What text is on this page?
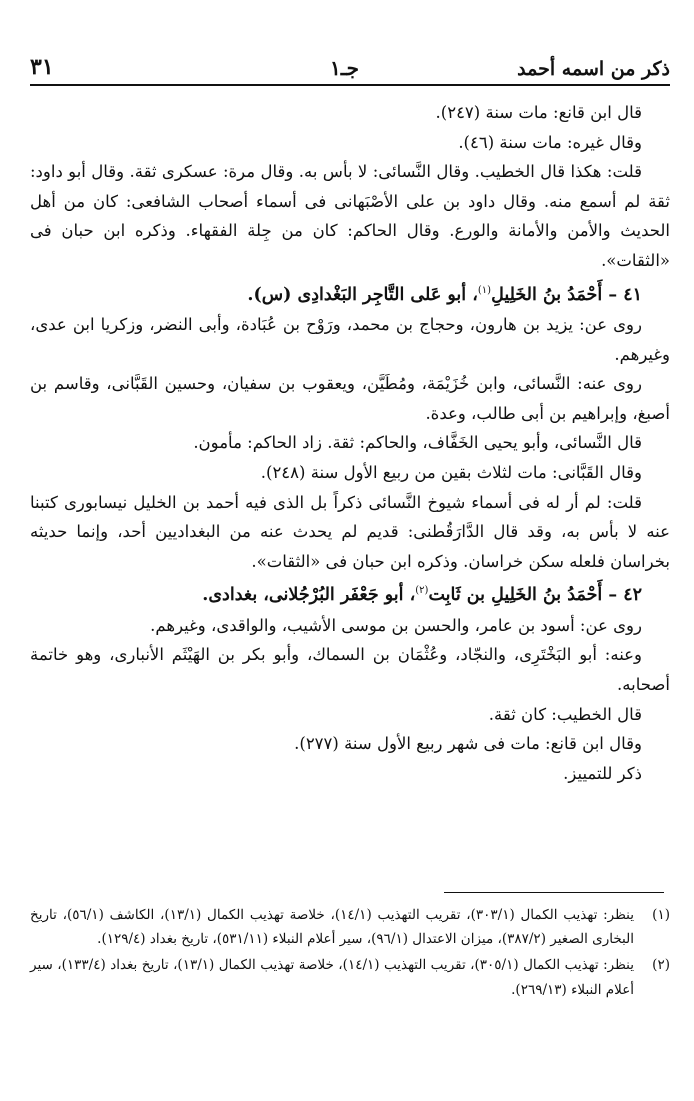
ذكر من اسمه أحمد
جـ١
٣١

قال ابن قانع: مات سنة (٢٤٧).

وقال غيره: مات سنة (٤٦).

قلت: هكذا قال الخطيب. وقال النَّسائى: لا بأس به. وقال مرة: عسكرى ثقة. وقال أبو داود: ثقة لم أسمع منه. وقال داود بن على الأصْبَهانى فى أسماء أصحاب الشافعى: كان من أهل الحديث والأمن والأمانة والورع. وقال الحاكم: كان من جِلة الفقهاء. وذكره ابن حبان فى «الثقات».

٤١ – أَحْمَدُ بنُ الخَلِيلِ$^{(١)}$، أبو عَلى التَّاجِر البَغْدادِى (س).

روى عن: يزيد بن هارون، وحجاج بن محمد، ورَوْح بن عُبَادة، وأبى النضر، وزكريا ابن عدى، وغيرهم.

روى عنه: النَّسائى، وابن خُزَيْمَة، ومُطَيَّن، ويعقوب بن سفيان، وحسين القَبَّانى، وقاسم بن أصبغ، وإبراهيم بن أبى طالب، وعدة.

قال النَّسائى، وأبو يحيى الخَفَّاف، والحاكم: ثقة. زاد الحاكم: مأمون.

وقال القَبَّانى: مات لثلاث بقين من ربيع الأول سنة (٢٤٨).

قلت: لم أر له فى أسماء شيوخ النَّسائى ذكراً بل الذى فيه أحمد بن الخليل نيسابورى كتبنا عنه لا بأس به، وقد قال الدَّارَقُطنى: قديم لم يحدث عنه من البغداديين أحد، وإنما حديثه بخراسان فلعله سكن خراسان. وذكره ابن حبان فى «الثقات».

٤٢ – أَحْمَدُ بنُ الخَلِيلِ بن ثَابِت$^{(٢)}$، أبو جَعْفَر البُرْجُلانى، بغدادى.

روى عن: أسود بن عامر، والحسن بن موسى الأشيب، والواقدى، وغيرهم.

وعنه: أبو البَخْتَرِى، والنجّاد، وعُثْمَان بن السماك، وأبو بكر بن الهَيْثَم الأنبارى، وهو خاتمة أصحابه.

قال الخطيب: كان ثقة.

وقال ابن قانع: مات فى شهر ربيع الأول سنة (٢٧٧).

ذكر للتمييز.

(١)
ينظر: تهذيب الكمال (٣٠٣/١)، تقريب التهذيب (١٤/١)، خلاصة تهذيب الكمال (١٣/١)، الكاشف (٥٦/١)، تاريخ البخارى الصغير (٣٨٧/٢)، ميزان الاعتدال (٩٦/١)، سير أعلام النبلاء (٥٣١/١١)، تاريخ بغداد (١٢٩/٤).

(٢)
ينظر: تهذيب الكمال (٣٠٥/١)، تقريب التهذيب (١٤/١)، خلاصة تهذيب الكمال (١٣/١)، تاريخ بغداد (١٣٣/٤)، سير أعلام النبلاء (٢٦٩/١٣).
